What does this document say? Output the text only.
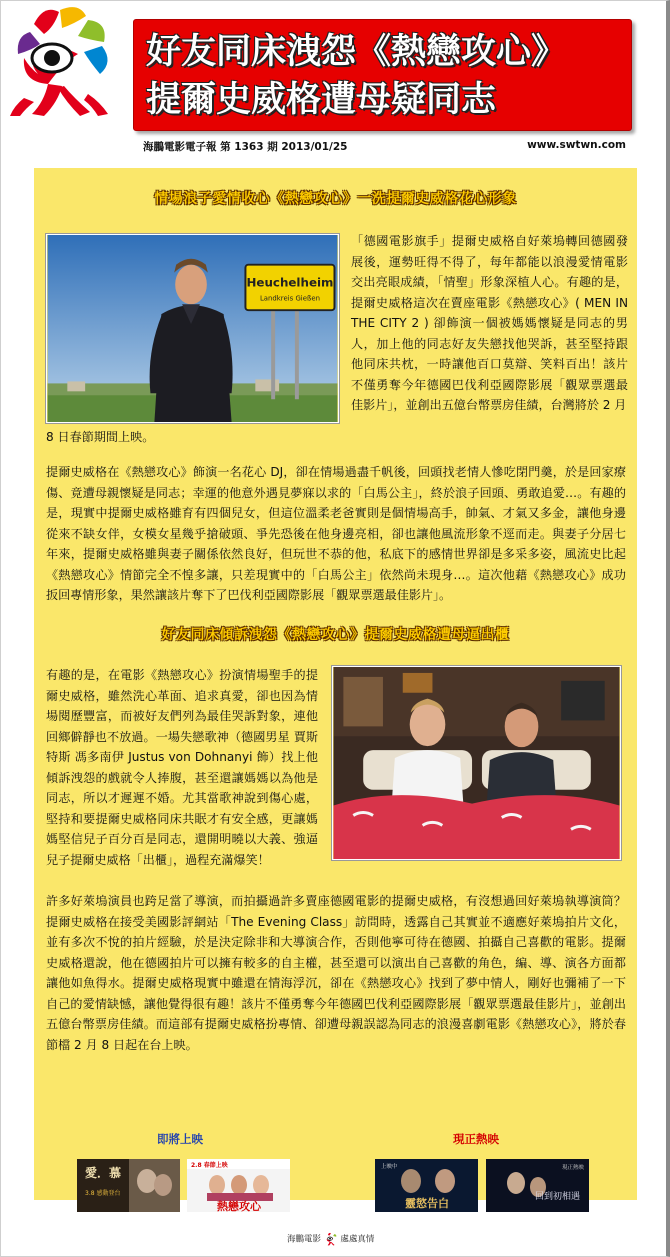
好友同床洩怨《熱戀攻心》
提爾史威格遭母疑同志
海鵬電影電子報 第 1363 期 2013/01/25	www.swtwn.com
情場浪子愛情收心《熱戀攻心》一洗提爾史威格花心形象
Heuchelheim
Landkreis Gießen
「德國電影旗手」提爾史威格自好萊塢轉回德國發展後，運勢旺得不得了，每年都能以浪漫愛情電影交出亮眼成績，「情聖」形象深植人心。有趣的是，提爾史威格這次在賣座電影《熱戀攻心》( MEN IN THE CITY 2 ) 卻飾演一個被媽媽懷疑是同志的男人，加上他的同志好友失戀找他哭訴，甚至堅持跟他同床共枕，一時讓他百口莫辯、笑料百出！該片不僅勇奪今年德國巴伐利亞國際影展「觀眾票選最佳影片」，並創出五億台幣票房佳績，台灣將於 2 月
8 日春節期間上映。
提爾史威格在《熱戀攻心》飾演一名花心 DJ，卻在情場過盡千帆後，回頭找老情人慘吃閉門羹，於是回家療傷、竟遭母親懷疑是同志；幸運的他意外遇見夢寐以求的「白馬公主」，終於浪子回頭、勇敢追愛…。有趣的是，現實中提爾史威格雖育有四個兒女，但這位溫柔老爸實則是個情場高手，帥氣、才氣又多金，讓他身邊從來不缺女伴，女模女星幾乎搶破頭、爭先恐後在他身邊亮相，卻也讓他風流形象不逕而走。與妻子分居七年來，提爾史威格雖與妻子關係依然良好，但玩世不恭的他，私底下的感情世界卻是多采多姿，風流史比起《熱戀攻心》情節完全不惶多讓，只差現實中的「白馬公主」依然尚未現身…。這次他藉《熱戀攻心》成功扳回專情形象，果然讓該片奪下了巴伐利亞國際影展「觀眾票選最佳影片」。
好友同床傾訴洩怨《熱戀攻心》提爾史威格遭母逼出櫃
有趣的是，在電影《熱戀攻心》扮演情場聖手的提爾史威格，雖然洗心革面、追求真愛，卻也因為情場閱歷豐富，而被好友們列為最佳哭訴對象，連他回鄉僻靜也不放過。一場失戀歌神（德國男星 賈斯特斯 馮多南伊 Justus von Dohnanyi 飾）找上他傾訴洩怨的戲就令人捧腹，甚至還讓媽媽以為他是同志，所以才遲遲不婚。尤其當歌神說到傷心處，堅持和要提爾史威格同床共眠才有安全感，更讓媽媽堅信兒子百分百是同志，還開明曉以大義、強逼兒子提爾史威格「出櫃」，過程充滿爆笑！
許多好萊塢演員也跨足當了導演，而拍攝過許多賣座德國電影的提爾史威格，有沒想過回好萊塢執導演筒？提爾史威格在接受美國影評網站「The Evening Class」訪問時，透露自己其實並不適應好萊塢拍片文化，並有多次不悅的拍片經驗，於是決定除非和大導演合作，否則他寧可待在德國、拍攝自己喜歡的電影。提爾史威格還說，他在德國拍片可以擁有較多的自主權，甚至還可以演出自己喜歡的角色，編、導、演各方面都讓他如魚得水。提爾史威格現實中雖還在情海浮沉，卻在《熱戀攻心》找到了夢中情人，剛好也彌補了一下自己的愛情缺憾，讓他覺得很有趣！該片不僅勇奪今年德國巴伐利亞國際影展「觀眾票選最佳影片」，並創出五億台幣票房佳績。而這部有提爾史威格扮專情、卻遭母親誤認為同志的浪漫喜劇電影《熱戀攻心》，將於春節檔 2 月 8 日起在台上映。
即將上映	現正熱映
愛．慕
3.8 感動登台
2.8 春節上映
熱戀攻心
上映中
靈慾告白
現正熱映
回到初相遇
海鵬電影 處處真情
